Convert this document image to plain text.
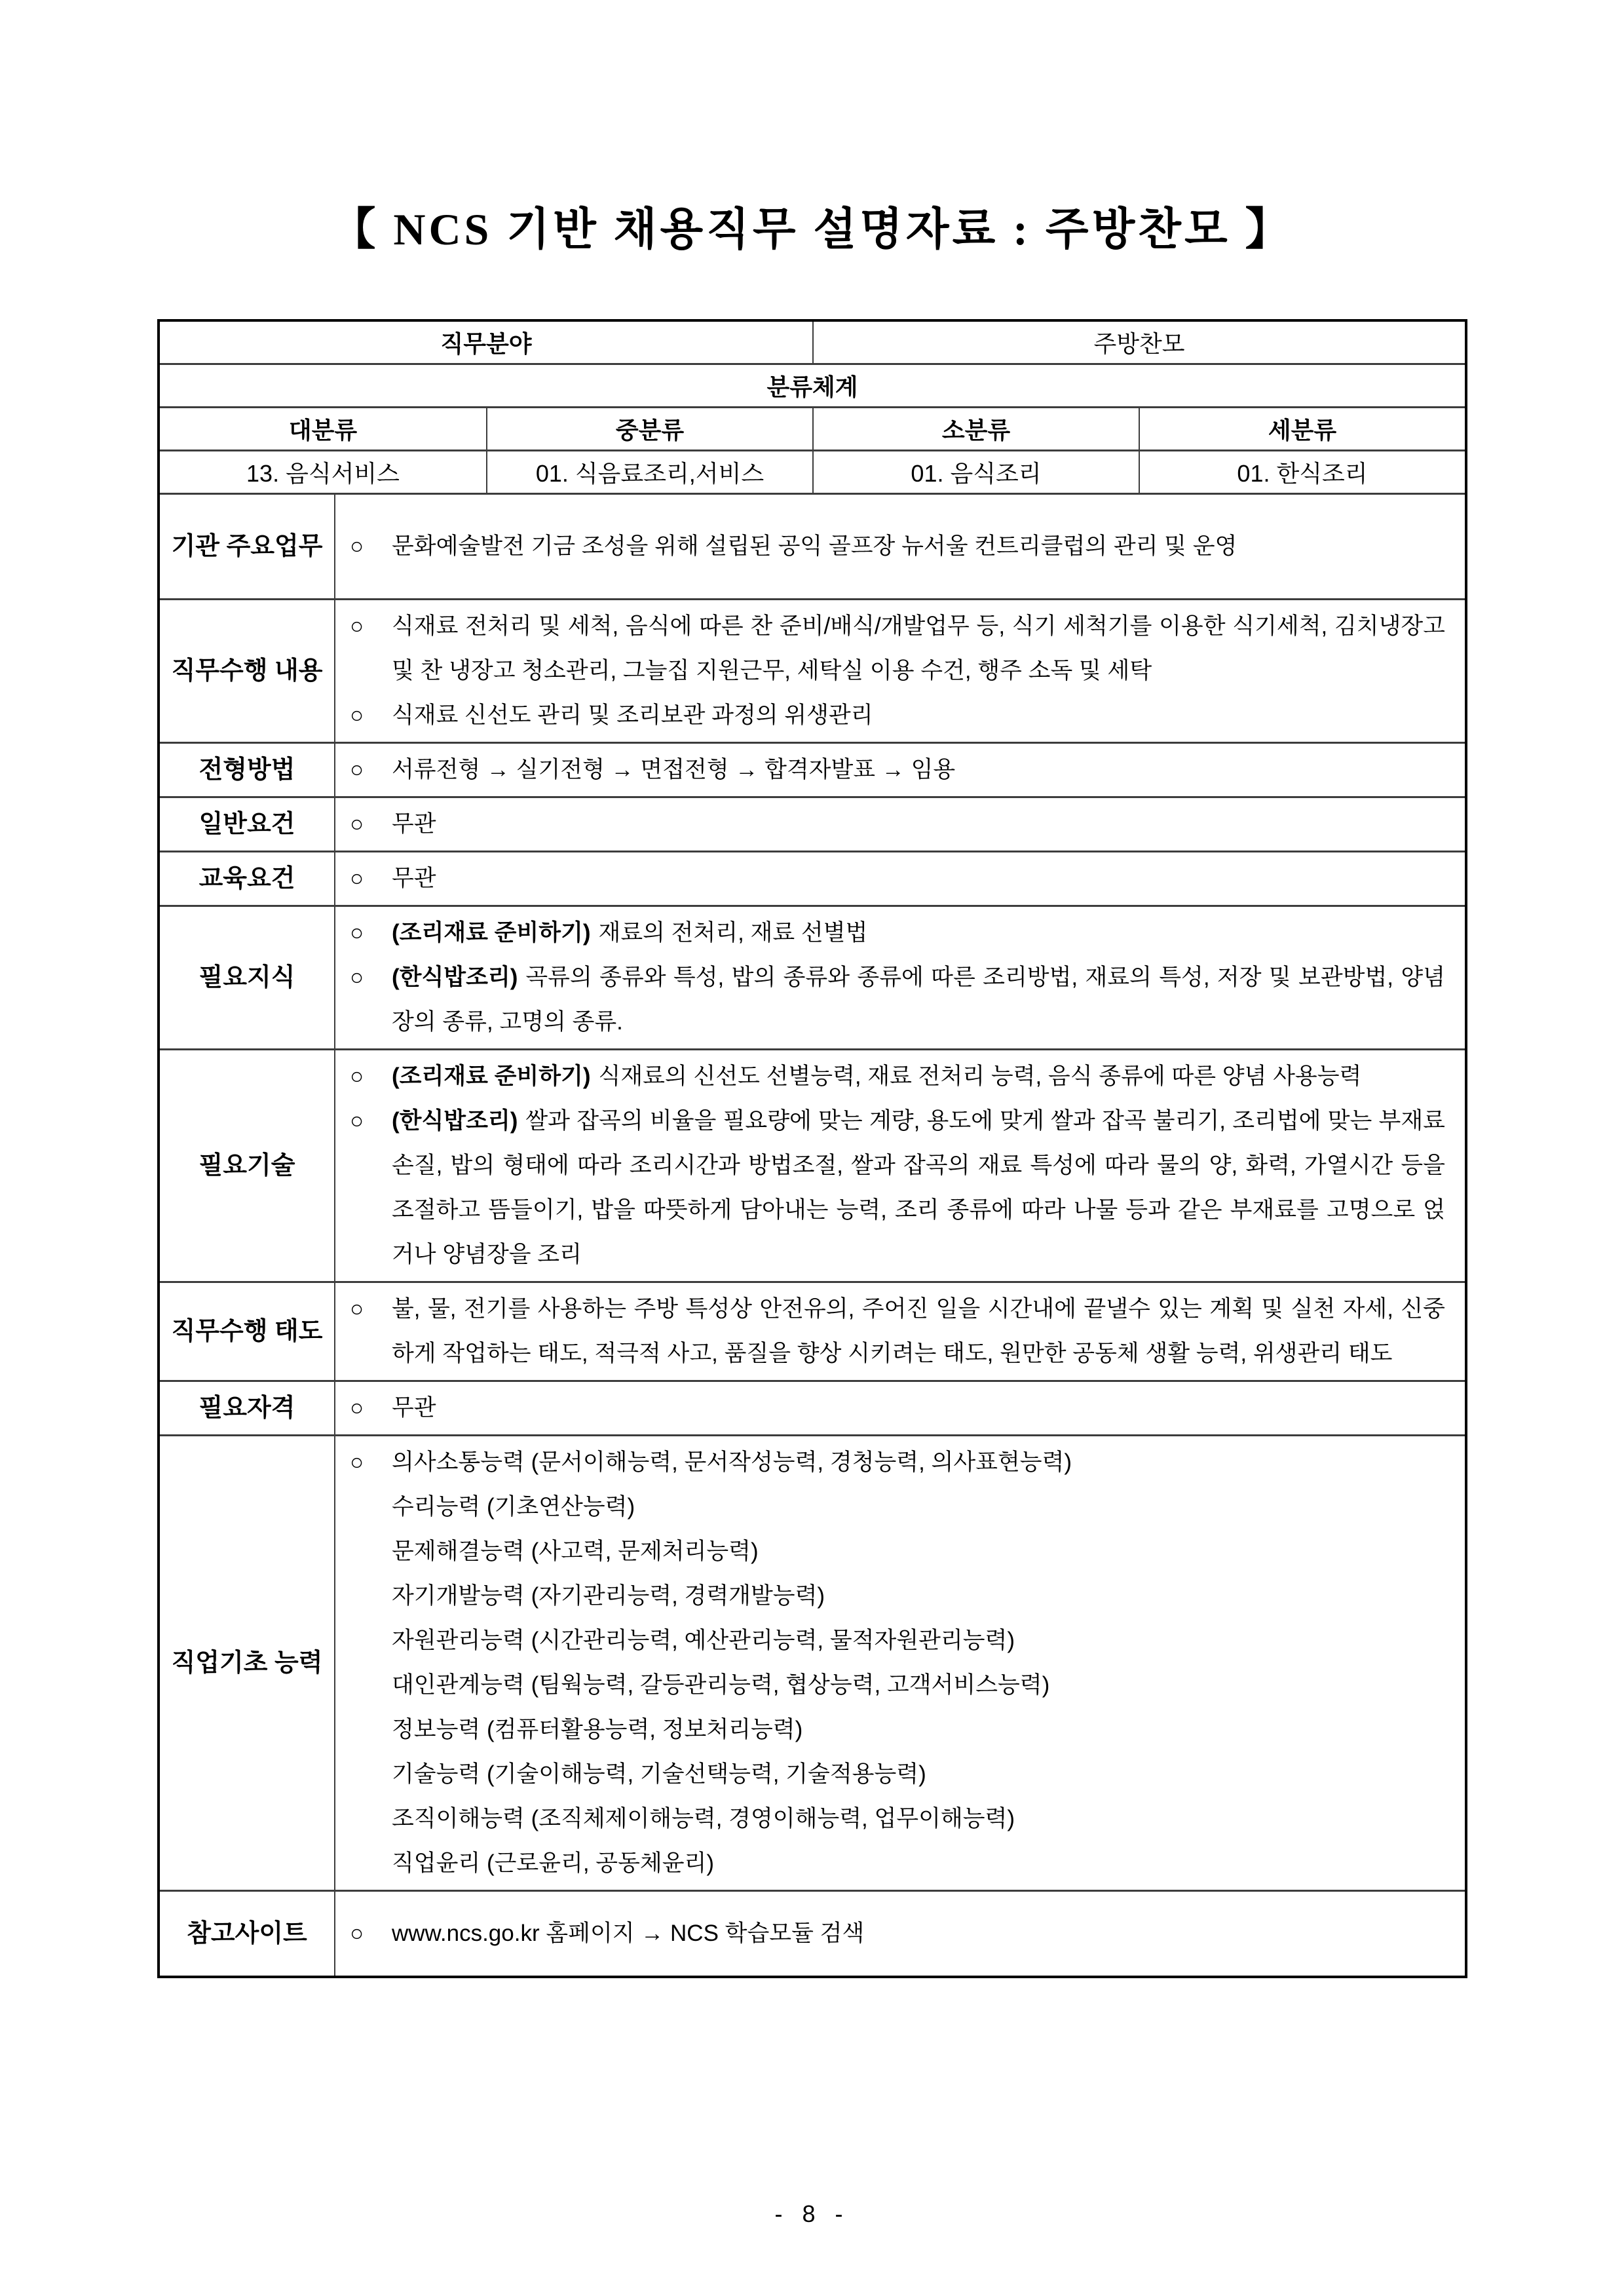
【 NCS 기반 채용직무 설명자료 : 주방찬모 】
직무분야	주방찬모
분류체계
대분류	중분류	소분류	세분류
13. 음식서비스	01. 식음료조리,서비스	01. 음식조리	01. 한식조리
기관 주요업무	○	문화예술발전 기금 조성을 위해 설립된 공익 골프장 뉴서울 컨트리클럽의 관리 및 운영
직무수행 내용
○	식재료 전처리 및 세척, 음식에 따른 찬 준비/배식/개발업무 등, 식기 세척기를 이용한 식기세척, 김치냉장고 및 찬 냉장고 청소관리, 그늘집 지원근무, 세탁실 이용 수건, 행주 소독 및 세탁
○	식재료 신선도 관리 및 조리보관 과정의 위생관리
전형방법	○	서류전형 → 실기전형 → 면접전형 → 합격자발표 → 임용
일반요건	○	무관
교육요건	○	무관
필요지식
○	(조리재료 준비하기) 재료의 전처리, 재료 선별법
○	(한식밥조리) 곡류의 종류와 특성, 밥의 종류와 종류에 따른 조리방법, 재료의 특성, 저장 및 보관방법, 양념장의 종류, 고명의 종류.
필요기술
○	(조리재료 준비하기) 식재료의 신선도 선별능력, 재료 전처리 능력, 음식 종류에 따른 양념 사용능력
○	(한식밥조리) 쌀과 잡곡의 비율을 필요량에 맞는 계량, 용도에 맞게 쌀과 잡곡 불리기, 조리법에 맞는 부재료 손질, 밥의 형태에 따라 조리시간과 방법조절, 쌀과 잡곡의 재료 특성에 따라 물의 양, 화력, 가열시간 등을 조절하고 뜸들이기, 밥을 따뜻하게 담아내는 능력, 조리 종류에 따라 나물 등과 같은 부재료를 고명으로 얹거나 양념장을 조리
직무수행 태도
○	불, 물, 전기를 사용하는 주방 특성상 안전유의, 주어진 일을 시간내에 끝낼수 있는 계획 및 실천 자세, 신중하게 작업하는 태도, 적극적 사고, 품질을 향상 시키려는 태도, 원만한 공동체 생활 능력, 위생관리 태도
필요자격	○	무관
직업기초 능력
○	의사소통능력 (문서이해능력, 문서작성능력, 경청능력, 의사표현능력)
수리능력 (기초연산능력)
문제해결능력 (사고력, 문제처리능력)
자기개발능력 (자기관리능력, 경력개발능력)
자원관리능력 (시간관리능력, 예산관리능력, 물적자원관리능력)
대인관계능력 (팀웍능력, 갈등관리능력, 협상능력, 고객서비스능력)
정보능력 (컴퓨터활용능력, 정보처리능력)
기술능력 (기술이해능력, 기술선택능력, 기술적용능력)
조직이해능력 (조직체제이해능력, 경영이해능력, 업무이해능력)
직업윤리 (근로윤리, 공동체윤리)
참고사이트	○	www.ncs.go.kr 홈페이지 → NCS 학습모듈 검색
- 8 -
